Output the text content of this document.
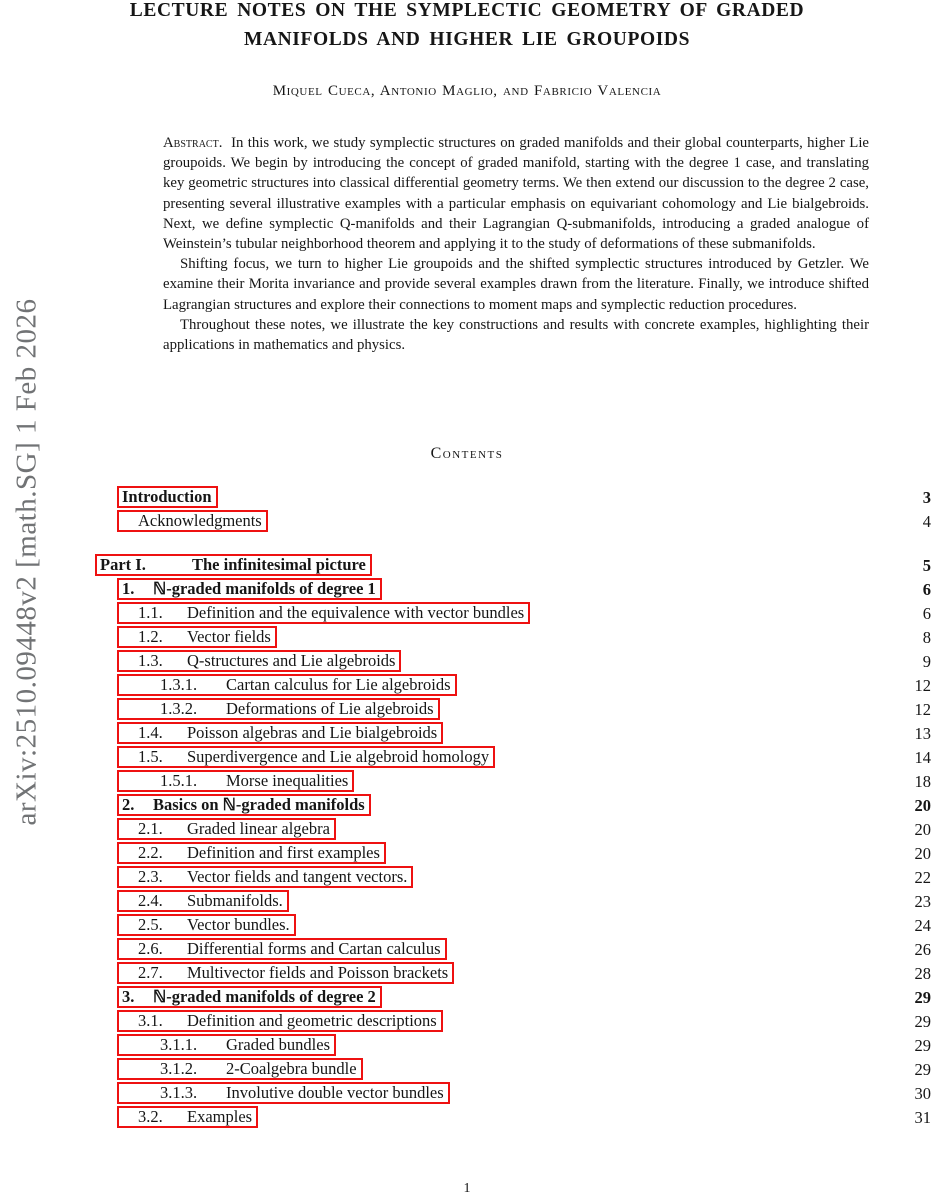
arXiv:2510.09448v2 [math.SG] 1 Feb 2026
LECTURE NOTES ON THE SYMPLECTIC GEOMETRY OF GRADED
MANIFOLDS AND HIGHER LIE GROUPOIDS
Miquel Cueca, Antonio Maglio, and Fabricio Valencia

Abstract. In this work, we study symplectic structures on graded manifolds and their global counterparts, higher Lie groupoids. We begin by introducing the concept of graded manifold, starting with the degree 1 case, and translating key geometric structures into classical differential geometry terms. We then extend our discussion to the degree 2 case, presenting several illustrative examples with a particular emphasis on equivariant cohomology and Lie bialgebroids. Next, we define symplectic Q-manifolds and their Lagrangian Q-submanifolds, introducing a graded analogue of Weinstein’s tubular neighborhood theorem and applying it to the study of deformations of these submanifolds.

Shifting focus, we turn to higher Lie groupoids and the shifted symplectic structures introduced by Getzler. We examine their Morita invariance and provide several examples drawn from the literature. Finally, we introduce shifted Lagrangian structures and explore their connections to moment maps and symplectic reduction procedures.

Throughout these notes, we illustrate the key constructions and results with concrete examples, highlighting their applications in mathematics and physics.

Contents
Introduction	3
Acknowledgments	4
Part I.	The infinitesimal picture	5
1.	ℕ-graded manifolds of degree 1	6
1.1.	Definition and the equivalence with vector bundles	6
1.2.	Vector fields	8
1.3.	Q-structures and Lie algebroids	9
1.3.1.	Cartan calculus for Lie algebroids	12
1.3.2.	Deformations of Lie algebroids	12
1.4.	Poisson algebras and Lie bialgebroids	13
1.5.	Superdivergence and Lie algebroid homology	14
1.5.1.	Morse inequalities	18
2.	Basics on ℕ-graded manifolds	20
2.1.	Graded linear algebra	20
2.2.	Definition and first examples	20
2.3.	Vector fields and tangent vectors.	22
2.4.	Submanifolds.	23
2.5.	Vector bundles.	24
2.6.	Differential forms and Cartan calculus	26
2.7.	Multivector fields and Poisson brackets	28
3.	ℕ-graded manifolds of degree 2	29
3.1.	Definition and geometric descriptions	29
3.1.1.	Graded bundles	29
3.1.2.	2-Coalgebra bundle	29
3.1.3.	Involutive double vector bundles	30
3.2.	Examples	31
1
